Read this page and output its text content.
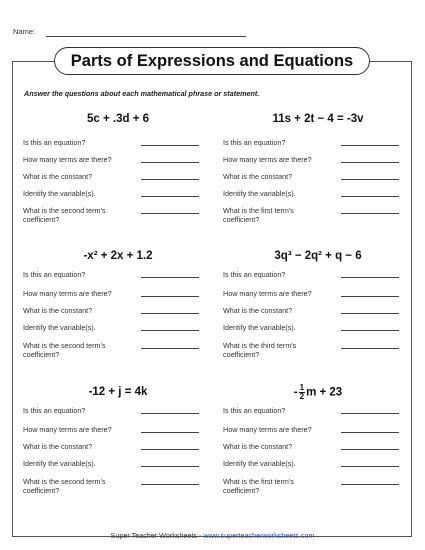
Name:
Parts of Expressions and Equations
Answer the questions about each mathematical phrase or statement.
5c + .3d + 6
Is this an equation?
How many terms are there?
What is the constant?
Identify the variable(s).
What is the second term's coefficient?
11s + 2t − 4 = -3v
Is this an equation?
How many terms are there?
What is the constant?
Identify the variable(s).
What is the first term's coefficient?
-x² + 2x + 1.2
Is this an equation?
How many terms are there?
What is the constant?
Identify the variable(s).
What is the second term's coefficient?
3q³ − 2q² + q − 6
Is this an equation?
How many terms are there?
What is the constant?
Identify the variable(s).
What is the third term's coefficient?
-12 + j = 4k
Is this an equation?
How many terms are there?
What is the constant?
Identify the variable(s).
What is the second term's coefficient?
- $\frac{1}{2}$ m + 23
Is this an equation?
How many terms are there?
What is the constant?
Identify the variable(s).
What is the first term's coefficient?
Super Teacher Worksheets - www.superteacherworksheets.com
